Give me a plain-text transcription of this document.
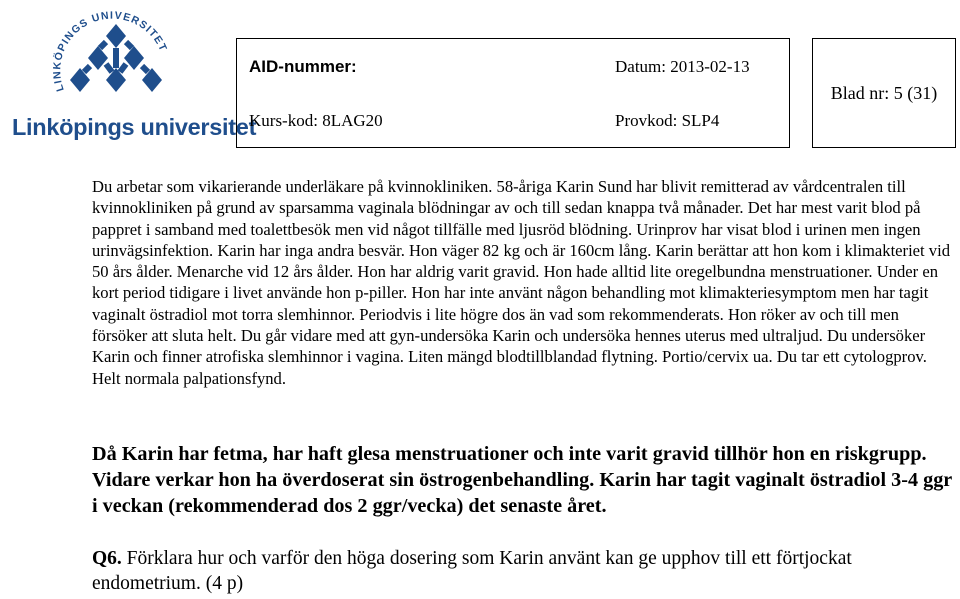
LINKÖPINGS UNIVERSITET
Linköpings universitet
AID-nummer:	Datum: 2013-02-13
Kurs-kod: 8LAG20	Provkod: SLP4
Blad nr: 5 (31)

Du arbetar som vikarierande underläkare på kvinnokliniken. 58-åriga Karin Sund har blivit remitterad av vårdcentralen till kvinnokliniken på grund av sparsamma vaginala blödningar av och till sedan knappa två månader. Det har mest varit blod på pappret i samband med toalettbesök men vid något tillfälle med ljusröd blödning. Urinprov har visat blod i urinen men ingen urinvägsinfektion. Karin har inga andra besvär. Hon väger 82 kg och är 160cm lång. Karin berättar att hon kom i klimakteriet vid 50 års ålder. Menarche vid 12 års ålder. Hon har aldrig varit gravid. Hon hade alltid lite oregelbundna menstruationer. Under en kort period tidigare i livet använde hon p-piller. Hon har inte använt någon behandling mot klimakteriesymptom men har tagit vaginalt östradiol mot torra slemhinnor. Periodvis i lite högre dos än vad som rekommenderats. Hon röker av och till men försöker att sluta helt. Du går vidare med att gyn-undersöka Karin och undersöka hennes uterus med ultraljud. Du undersöker Karin och finner atrofiska slemhinnor i vagina. Liten mängd blodtillblandad flytning. Portio/cervix ua. Du tar ett cytologprov. Helt normala palpationsfynd.

Då Karin har fetma, har haft glesa menstruationer och inte varit gravid tillhör hon en riskgrupp. Vidare verkar hon ha överdoserat sin östrogenbehandling. Karin har tagit vaginalt östradiol 3-4 ggr i veckan (rekommenderad dos 2 ggr/vecka) det senaste året.

Q6. Förklara hur och varför den höga dosering som Karin använt kan ge upphov till ett förtjockat endometrium. (4 p)
